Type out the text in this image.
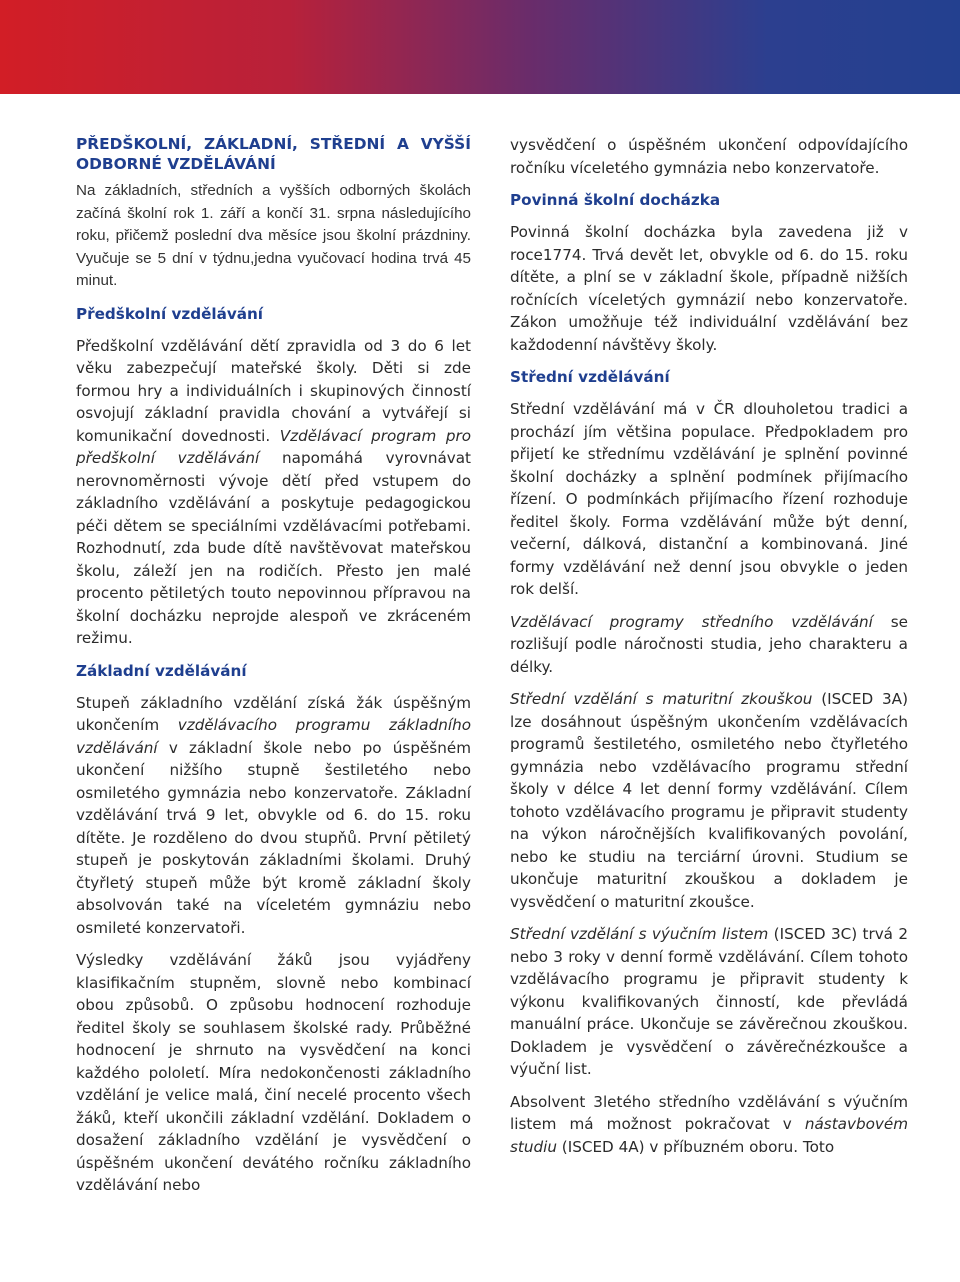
PŘEDŠKOLNÍ, ZÁKLADNÍ, STŘEDNÍ A VYŠŠÍ ODBORNÉ VZDĚLÁVÁNÍ

Na základních, středních a vyšších odborných školách začíná školní rok 1. září a končí 31. srpna následujícího roku, přičemž poslední dva měsíce jsou školní prázdniny. Vyučuje se 5 dní v týdnu,jedna vyučovací hodina trvá 45 minut.

Předškolní vzdělávání

Předškolní vzdělávání dětí zpravidla od 3 do 6 let věku zabezpečují mateřské školy. Děti si zde formou hry a individuálních i skupinových činností osvojují základní pravidla chování a vytvářejí si komunikační dovednosti. Vzdělávací program pro předškolní vzdělávání napomáhá vyrovnávat nerovnoměrnosti vývoje dětí před vstupem do základního vzdělávání a poskytuje pedagogickou péči dětem se speciálními vzdělávacími potřebami. Rozhodnutí, zda bude dítě navštěvovat mateřskou školu, záleží jen na rodičích. Přesto jen malé procento pětiletých touto nepovinnou přípravou na školní docházku neprojde alespoň ve zkráceném režimu.

Základní vzdělávání

Stupeň základního vzdělání získá žák úspěšným ukončením vzdělávacího programu základního vzdělávání v základní škole nebo po úspěšném ukončení nižšího stupně šestiletého nebo osmiletého gymnázia nebo konzervatoře. Základní vzdělávání trvá 9 let, obvykle od 6. do 15. roku dítěte. Je rozděleno do dvou stupňů. První pětiletý stupeň je poskytován základními školami. Druhý čtyřletý stupeň může být kromě základní školy absolvován také na víceletém gymnáziu nebo osmileté konzervatoři.

Výsledky vzdělávání žáků jsou vyjádřeny klasifikačním stupněm, slovně nebo kombinací obou způsobů. O způsobu hodnocení rozhoduje ředitel školy se souhlasem školské rady. Průběžné hodnocení je shrnuto na vysvědčení na konci každého pololetí. Míra nedokončenosti základního vzdělání je velice malá, činí necelé procento všech žáků, kteří ukončili základní vzdělání. Dokladem o dosažení základního vzdělání je vysvědčení o úspěšném ukončení devátého ročníku základního vzdělávání nebo

vysvědčení o úspěšném ukončení odpovídajícího ročníku víceletého gymnázia nebo konzervatoře.

Povinná školní docházka

Povinná školní docházka byla zavedena již v roce1774. Trvá devět let, obvykle od 6. do 15. roku dítěte, a plní se v základní škole, případně nižších ročnících víceletých gymnázií nebo konzervatoře. Zákon umožňuje též individuální vzdělávání bez každodenní návštěvy školy.

Střední vzdělávání

Střední vzdělávání má v ČR dlouholetou tradici a prochází jím většina populace. Předpokladem pro přijetí ke střednímu vzdělávání je splnění povinné školní docházky a splnění podmínek přijímacího řízení. O podmínkách přijímacího řízení rozhoduje ředitel školy. Forma vzdělávání může být denní, večerní, dálková, distanční a kombinovaná. Jiné formy vzdělávání než denní jsou obvykle o jeden rok delší.

Vzdělávací programy středního vzdělávání se rozlišují podle náročnosti studia, jeho charakteru a délky.

Střední vzdělání s maturitní zkouškou (ISCED 3A) lze dosáhnout úspěšným ukončením vzdělávacích programů šestiletého, osmiletého nebo čtyřletého gymnázia nebo vzdělávacího programu střední školy v délce 4 let denní formy vzdělávání. Cílem tohoto vzdělávacího programu je připravit studenty na výkon náročnějších kvalifikovaných povolání, nebo ke studiu na terciární úrovni. Studium se ukončuje maturitní zkouškou a dokladem je vysvědčení o maturitní zkoušce.

Střední vzdělání s výučním listem (ISCED 3C) trvá 2 nebo 3 roky v denní formě vzdělávání. Cílem tohoto vzdělávacího programu je připravit studenty k výkonu kvalifikovaných činností, kde převládá manuální práce. Ukončuje se závěrečnou zkouškou. Dokladem je vysvědčení o závěrečnézkoušce a výuční list.

Absolvent 3letého středního vzdělávání s výučním listem má možnost pokračovat v nástavbovém studiu (ISCED 4A) v příbuzném oboru. Toto
